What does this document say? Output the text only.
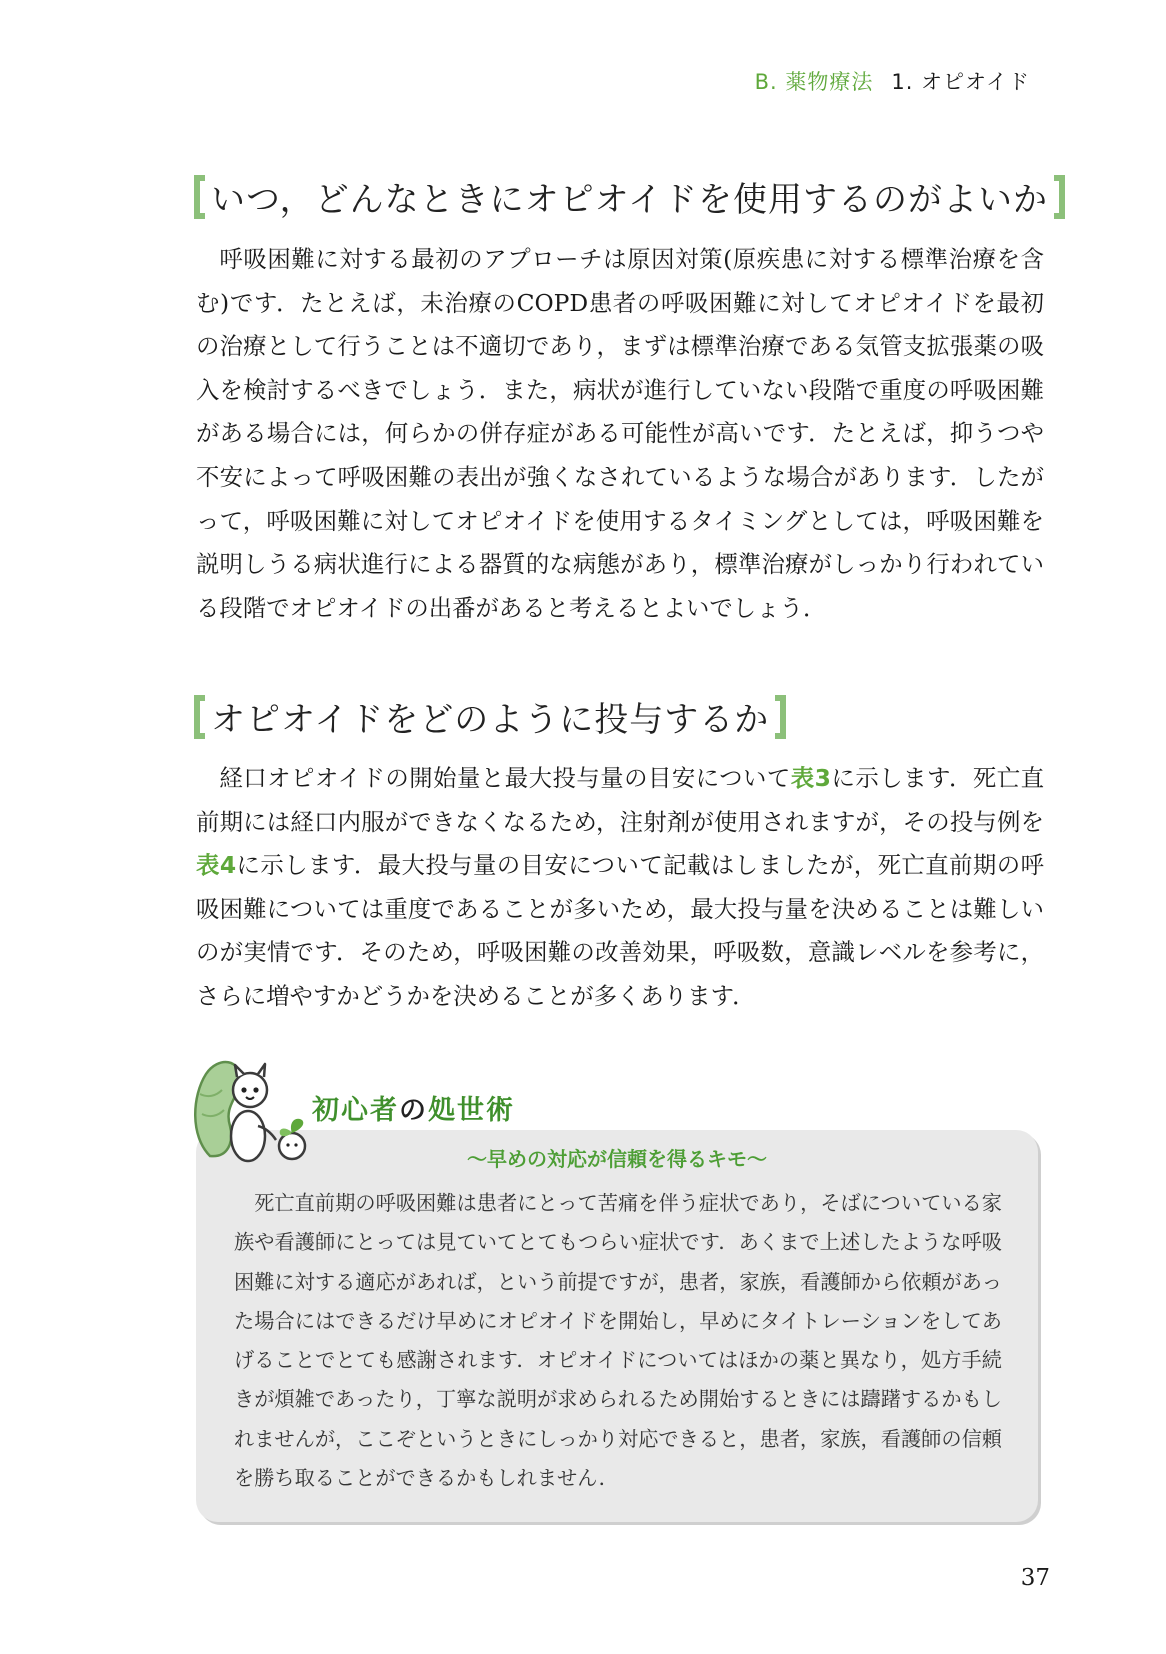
B. 薬物療法 1. オピオイド
いつ，どんなときにオピオイドを使用するのがよいか

呼吸困難に対する最初のアプローチは原因対策(原疾患に対する標準治療を含む)です．たとえば，未治療のCOPD患者の呼吸困難に対してオピオイドを最初の治療として行うことは不適切であり，まずは標準治療である気管支拡張薬の吸入を検討するべきでしょう．また，病状が進行していない段階で重度の呼吸困難がある場合には，何らかの併存症がある可能性が高いです．たとえば，抑うつや不安によって呼吸困難の表出が強くなされているような場合があります．したがって，呼吸困難に対してオピオイドを使用するタイミングとしては，呼吸困難を説明しうる病状進行による器質的な病態があり，標準治療がしっかり行われている段階でオピオイドの出番があると考えるとよいでしょう．

オピオイドをどのように投与するか

経口オピオイドの開始量と最大投与量の目安について表3に示します．死亡直前期には経口内服ができなくなるため，注射剤が使用されますが，その投与例を表4に示します．最大投与量の目安について記載はしましたが，死亡直前期の呼吸困難については重度であることが多いため，最大投与量を決めることは難しいのが実情です．そのため，呼吸困難の改善効果，呼吸数，意識レベルを参考に，さらに増やすかどうかを決めることが多くあります．

初心者の処世術
〜早めの対応が信頼を得るキモ〜

死亡直前期の呼吸困難は患者にとって苦痛を伴う症状であり，そばについている家族や看護師にとっては見ていてとてもつらい症状です．あくまで上述したような呼吸困難に対する適応があれば，という前提ですが，患者，家族，看護師から依頼があった場合にはできるだけ早めにオピオイドを開始し，早めにタイトレーションをしてあげることでとても感謝されます．オピオイドについてはほかの薬と異なり，処方手続きが煩雑であったり，丁寧な説明が求められるため開始するときには躊躇するかもしれませんが，ここぞというときにしっかり対応できると，患者，家族，看護師の信頼を勝ち取ることができるかもしれません．

37
